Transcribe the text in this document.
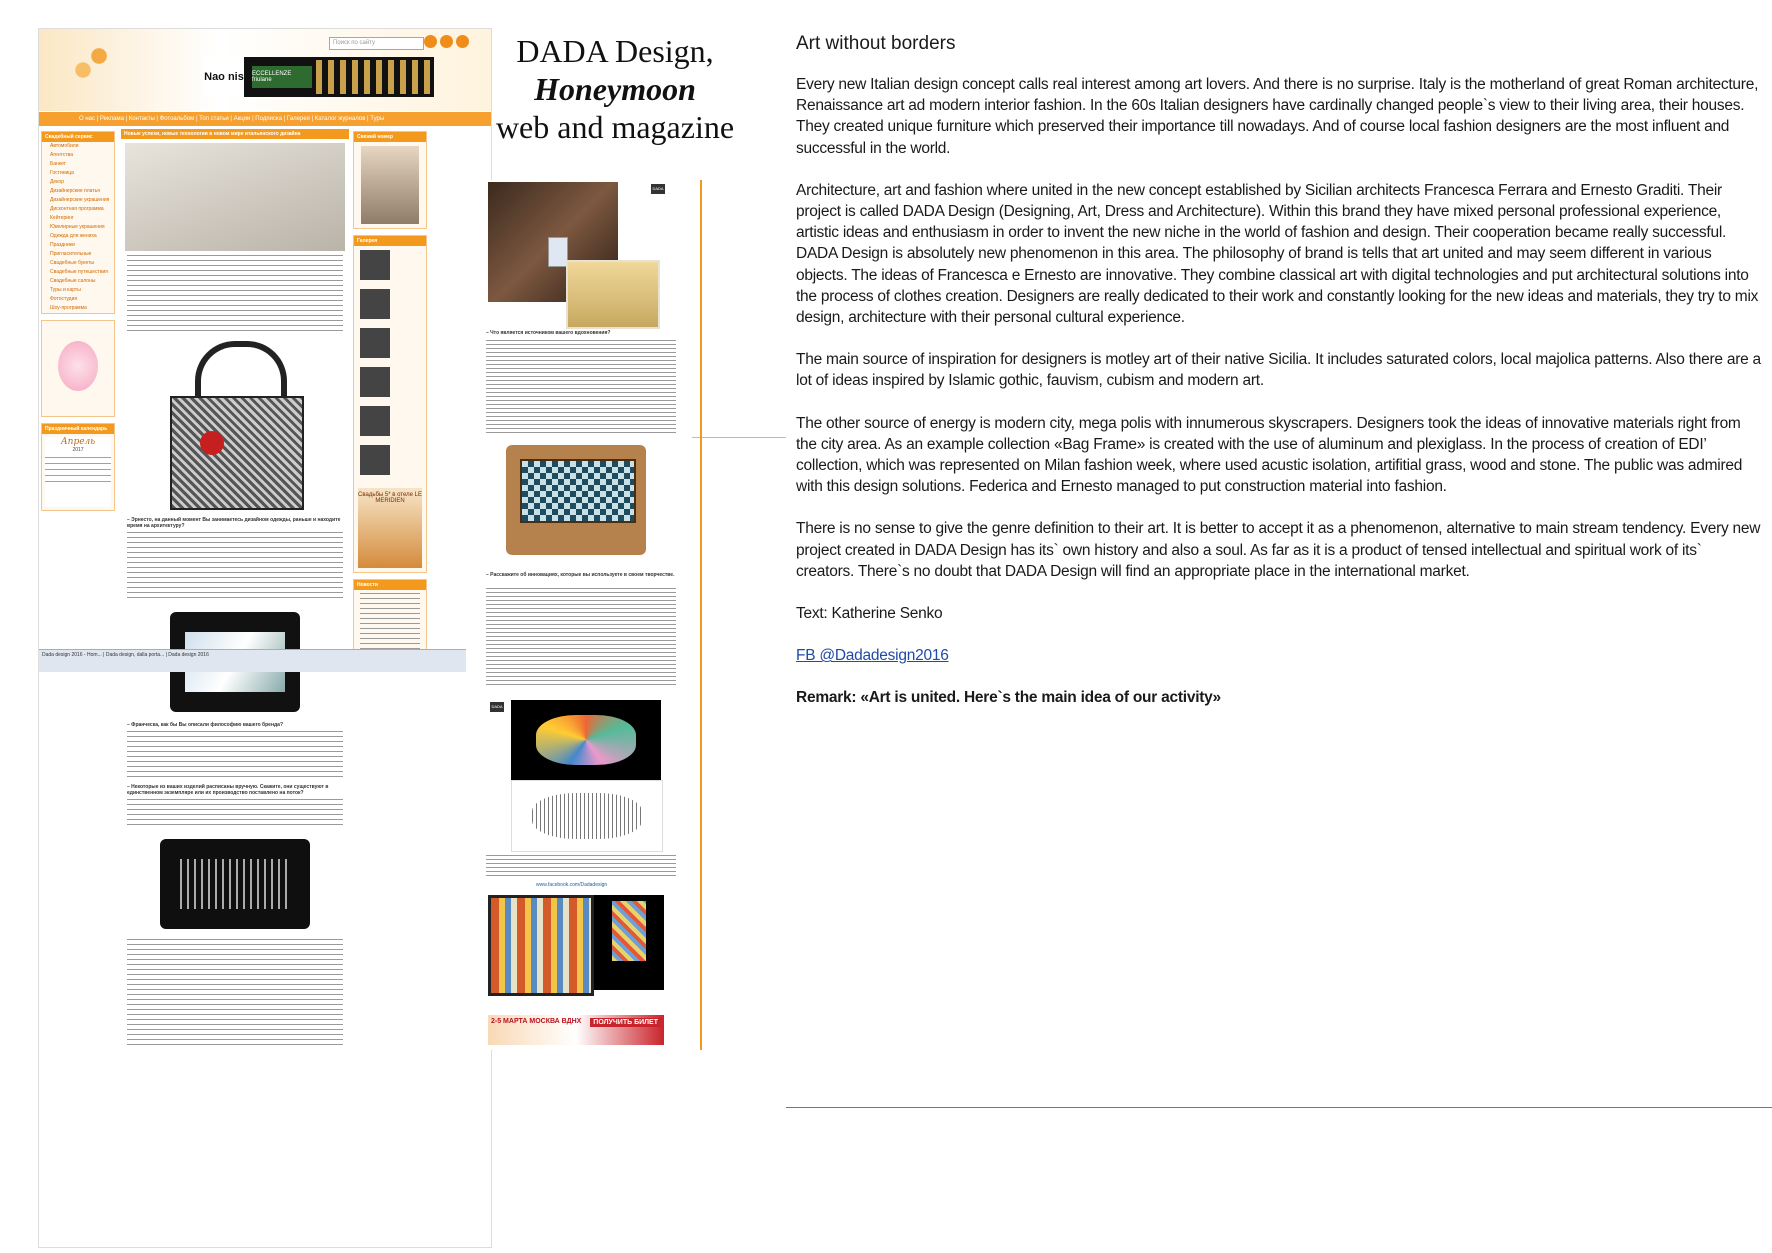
Поиск по сайту
Nao nis ECCELLENZE friulane
О нас | Реклама | Контакты | Фотоальбом | Топ статьи | Акции | Подписка | Галерея | Каталог журналов | Туры
Свадебный сервис
Автомобили
Агентства
Банкет
Гостиница
Декор
Дизайнерские платья
Дизайнерские украшения
Дисконтная программа
Кейтеринг
Ювелирные украшения
Одежда для жениха
Праздники
Пригласительные
Свадебные букеты
Свадебные путешествия
Свадебные салоны
Туры и карты
Фотостудия
Шоу-программа
Праздничный календарь
Апрель
2017
Новые успехи, новые технологии в новом мире итальянского дизайна
– Эрнесто, на данный момент Вы занимаетесь дизайном одежды, раньше и находите время на архитектуру?
– Франческа, как бы Вы описали философию вашего бренда?
– Некоторые из ваших изделий расписаны вручную. Скажите, они существуют в единственном экземпляре или их производство поставлено на поток?
Свежий номер
Галерея

Свадьбы 5* в отеле LE MERIDIEN
Новости
Dada design 2016 - Hom... | Dada design, dalla porta... | Dada design 2016
DADA Design,
Honeymoon
web and magazine
DADA
– Что является источником вашего вдохновения?
– Расскажите об инновациях, которые вы используете в своем творчестве.
DADA
www.facebook.com/Dadadesign
2-5 МАРТА МОСКВА ВДНХ	ПОЛУЧИТЬ БИЛЕТ
Art without borders

Every new Italian design concept calls real interest among art lovers. And there is no surprise. Italy is the motherland of great Roman architecture, Renaissance art ad modern interior fashion. In the 60s Italian designers have cardinally changed people`s view to their living area, their houses. They created unique furniture which preserved their importance till nowadays. And of course local fashion designers are the most influent and successful in the world.

Architecture, art and fashion where united in the new concept established by Sicilian architects Francesca Ferrara and Ernesto Graditi. Their project is called DADA Design (Designing, Art, Dress and Architecture). Within this brand they have mixed personal professional experience, artistic ideas and enthusiasm in order to invent the new niche in the world of fashion and design. Their cooperation became really successful. DADA Design is absolutely new phenomenon in this area. The philosophy of brand is tells that art united and may seem different in various objects. The ideas of Francesca e Ernesto are innovative. They combine classical art with digital technologies and put architectural solutions into the process of clothes creation. Designers are really dedicated to their work and constantly looking for the new ideas and materials, they try to mix design, architecture with their personal cultural experience.

The main source of inspiration for designers is motley art of their native Sicilia. It includes saturated colors, local majolica patterns. Also there are a lot of ideas inspired by Islamic gothic, fauvism, cubism and modern art.

The other source of energy is modern city, mega polis with innumerous skyscrapers. Designers took the ideas of innovative materials right from the city area. As an example collection «Bag Frame» is created with the use of aluminum and plexiglass. In the process of creation of EDI’ collection, which was represented on Milan fashion week, where used acustic isolation, artifitial grass, wood and stone. The public was admired with this design solutions. Federica and Ernesto managed to put construction material into fashion.

There is no sense to give the genre definition to their art. It is better to accept it as a phenomenon, alternative to main stream tendency. Every new project created in DADA Design has its` own history and also a soul. As far as it is a product of tensed intellectual and spiritual work of its` creators. There`s no doubt that DADA Design will find an appropriate place in the international market.

Text: Katherine Senko

FB @Dadadesign2016

Remark: «Art is united. Here`s the main idea of our activity»
